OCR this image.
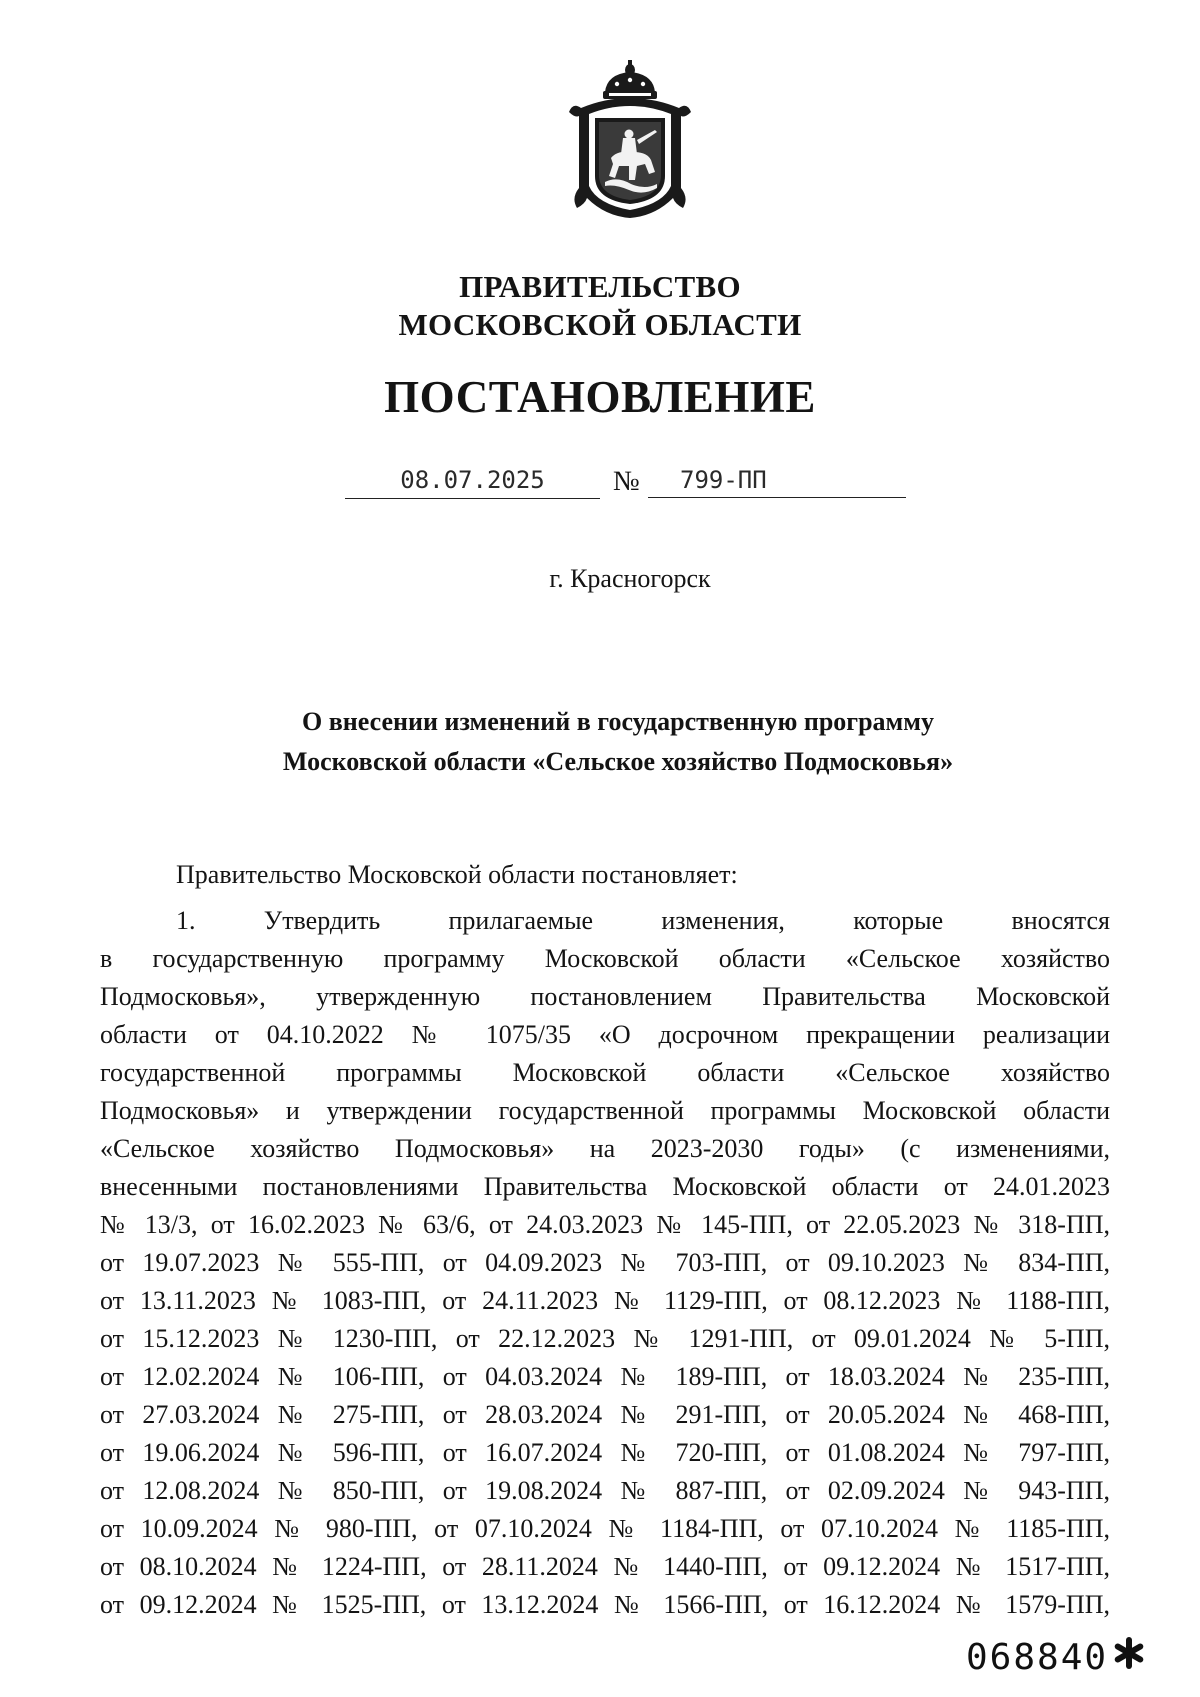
ПРАВИТЕЛЬСТВО
МОСКОВСКОЙ ОБЛАСТИ
ПОСТАНОВЛЕНИЕ
08.07.2025	№	799-ПП
г. Красногорск
О внесении изменений в государственную программу
Московской области «Сельское хозяйство Подмосковья»
Правительство Московской области постановляет:
1. Утвердить прилагаемые изменения, которые вносятся
в государственную программу Московской области «Сельское хозяйство
Подмосковья», утвержденную постановлением Правительства Московской
области от 04.10.2022 № 1075/35 «О досрочном прекращении реализации
государственной программы Московской области «Сельское хозяйство
Подмосковья» и утверждении государственной программы Московской области
«Сельское хозяйство Подмосковья» на 2023-2030 годы» (с изменениями,
внесенными постановлениями Правительства Московской области от 24.01.2023
№ 13/3, от 16.02.2023 № 63/6, от 24.03.2023 № 145-ПП, от 22.05.2023 № 318-ПП,
от 19.07.2023 № 555-ПП, от 04.09.2023 № 703-ПП, от 09.10.2023 № 834-ПП,
от 13.11.2023 № 1083-ПП, от 24.11.2023 № 1129-ПП, от 08.12.2023 № 1188-ПП,
от 15.12.2023 № 1230-ПП, от 22.12.2023 № 1291-ПП, от 09.01.2024 № 5-ПП,
от 12.02.2024 № 106-ПП, от 04.03.2024 № 189-ПП, от 18.03.2024 № 235-ПП,
от 27.03.2024 № 275-ПП, от 28.03.2024 № 291-ПП, от 20.05.2024 № 468-ПП,
от 19.06.2024 № 596-ПП, от 16.07.2024 № 720-ПП, от 01.08.2024 № 797-ПП,
от 12.08.2024 № 850-ПП, от 19.08.2024 № 887-ПП, от 02.09.2024 № 943-ПП,
от 10.09.2024 № 980-ПП, от 07.10.2024 № 1184-ПП, от 07.10.2024 № 1185-ПП,
от 08.10.2024 № 1224-ПП, от 28.11.2024 № 1440-ПП, от 09.12.2024 № 1517-ПП,
от 09.12.2024 № 1525-ПП, от 13.12.2024 № 1566-ПП, от 16.12.2024 № 1579-ПП,
068840
